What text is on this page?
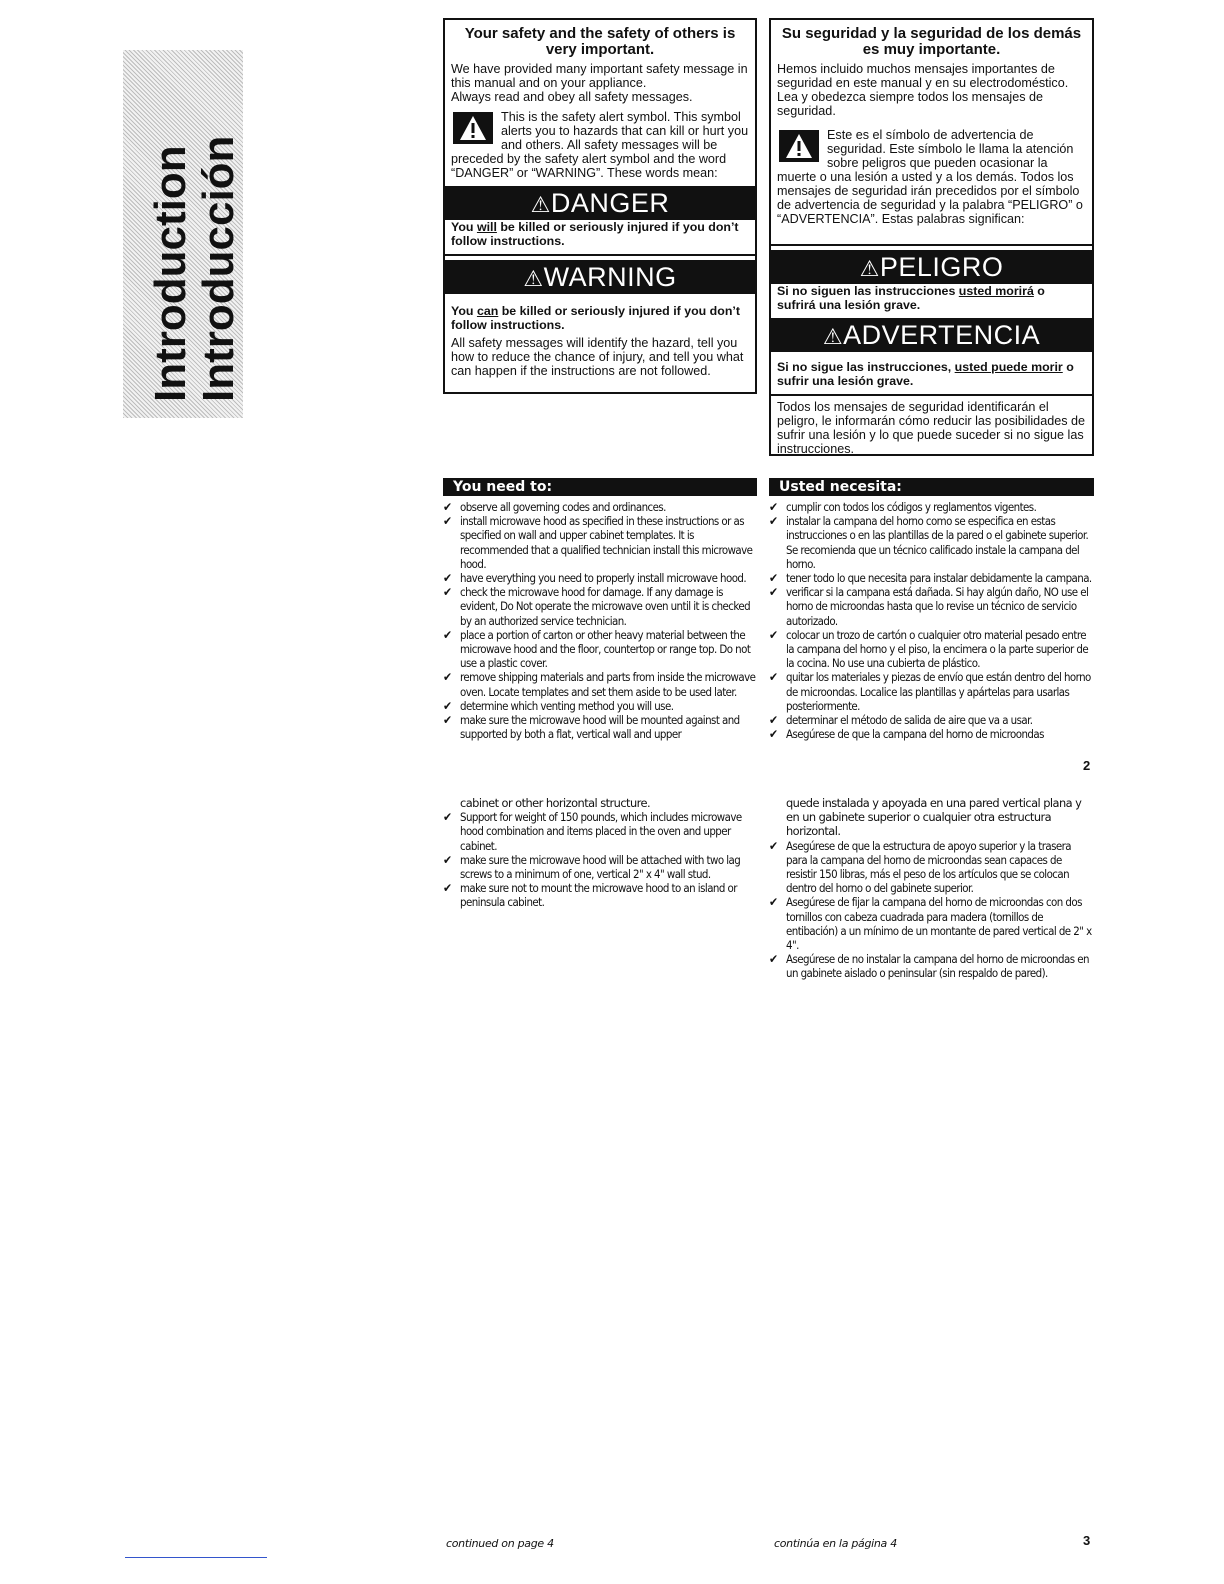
Introduction Introducción
Your safety and the safety of others is very important.

We have provided many important safety message in this manual and on your appliance.

Always read and obey all safety messages.

This is the safety alert symbol. This symbol alerts you to hazards that can kill or hurt you and others. All safety messages will be preceded by the safety alert symbol and the word “DANGER” or “WARNING”. These words mean:

⚠DANGER

You will be killed or seriously injured if you don’t follow instructions.

⚠WARNING

You can be killed or seriously injured if you don’t follow instructions.

All safety messages will identify the hazard, tell you how to reduce the chance of injury, and tell you what can happen if the instructions are not followed.

Su seguridad y la seguridad de los demás es muy importante.

Hemos incluido muchos mensajes importantes de seguridad en este manual y en su electrodoméstico.

Lea y obedezca siempre todos los mensajes de seguridad.

Este es el símbolo de advertencia de seguridad. Este símbolo le llama la atención sobre peligros que pueden ocasionar la muerte o una lesión a usted y a los demás. Todos los mensajes de seguridad irán precedidos por el símbolo de advertencia de seguridad y la palabra “PELIGRO” o “ADVERTENCIA”. Estas palabras significan:

⚠PELIGRO

Si no siguen las instrucciones usted morirá o sufrirá una lesión grave.

⚠ADVERTENCIA

Si no sigue las instrucciones, usted puede morir o sufrir una lesión grave.

Todos los mensajes de seguridad identificarán el peligro, le informarán cómo reducir las posibilidades de sufrir una lesión y lo que puede suceder si no sigue las instrucciones.

You need to:
✔ observe all governing codes and ordinances.
✔ install microwave hood as specified in these instructions or as specified on wall and upper cabinet templates. It is recommended that a qualified technician install this microwave hood.
✔ have everything you need to properly install microwave hood.
✔ check the microwave hood for damage. If any damage is evident, Do Not operate the microwave oven until it is checked by an authorized service technician.
✔ place a portion of carton or other heavy material between the microwave hood and the floor, countertop or range top. Do not use a plastic cover.
✔ remove shipping materials and parts from inside the microwave oven. Locate templates and set them aside to be used later.
✔ determine which venting method you will use.
✔ make sure the microwave hood will be mounted against and supported by both a flat, vertical wall and upper
Usted necesita:
✔ cumplir con todos los códigos y reglamentos vigentes.
✔ instalar la campana del horno como se especifica en estas instrucciones o en las plantillas de la pared o el gabinete superior. Se recomienda que un técnico calificado instale la campana del horno.
✔ tener todo lo que necesita para instalar debidamente la campana.
✔ verificar si la campana está dañada. Si hay algún daño, NO use el horno de microondas hasta que lo revise un técnico de servicio autorizado.
✔ colocar un trozo de cartón o cualquier otro material pesado entre la campana del horno y el piso, la encimera o la parte superior de la cocina. No use una cubierta de plástico.
✔ quitar los materiales y piezas de envío que están dentro del horno de microondas. Localice las plantillas y apártelas para usarlas posteriormente.
✔ determinar el método de salida de aire que va a usar.
✔ Asegúrese de que la campana del horno de microondas
2
cabinet or other horizontal structure.
✔ Support for weight of 150 pounds, which includes microwave hood combination and items placed in the oven and upper cabinet.
✔ make sure the microwave hood will be attached with two lag screws to a minimum of one, vertical 2" x 4" wall stud.
✔ make sure not to mount the microwave hood to an island or peninsula cabinet.
quede instalada y apoyada en una pared vertical plana y en un gabinete superior o cualquier otra estructura horizontal.
✔ Asegúrese de que la estructura de apoyo superior y la trasera para la campana del horno de microondas sean capaces de resistir 150 libras, más el peso de los artículos que se colocan dentro del horno o del gabinete superior.
✔ Asegúrese de fijar la campana del horno de microondas con dos tornillos con cabeza cuadrada para madera (tornillos de entibación) a un mínimo de un montante de pared vertical de 2" x 4".
✔ Asegúrese de no instalar la campana del horno de microondas en un gabinete aislado o peninsular (sin respaldo de pared).
continued on page 4	continúa en la página 4	3
